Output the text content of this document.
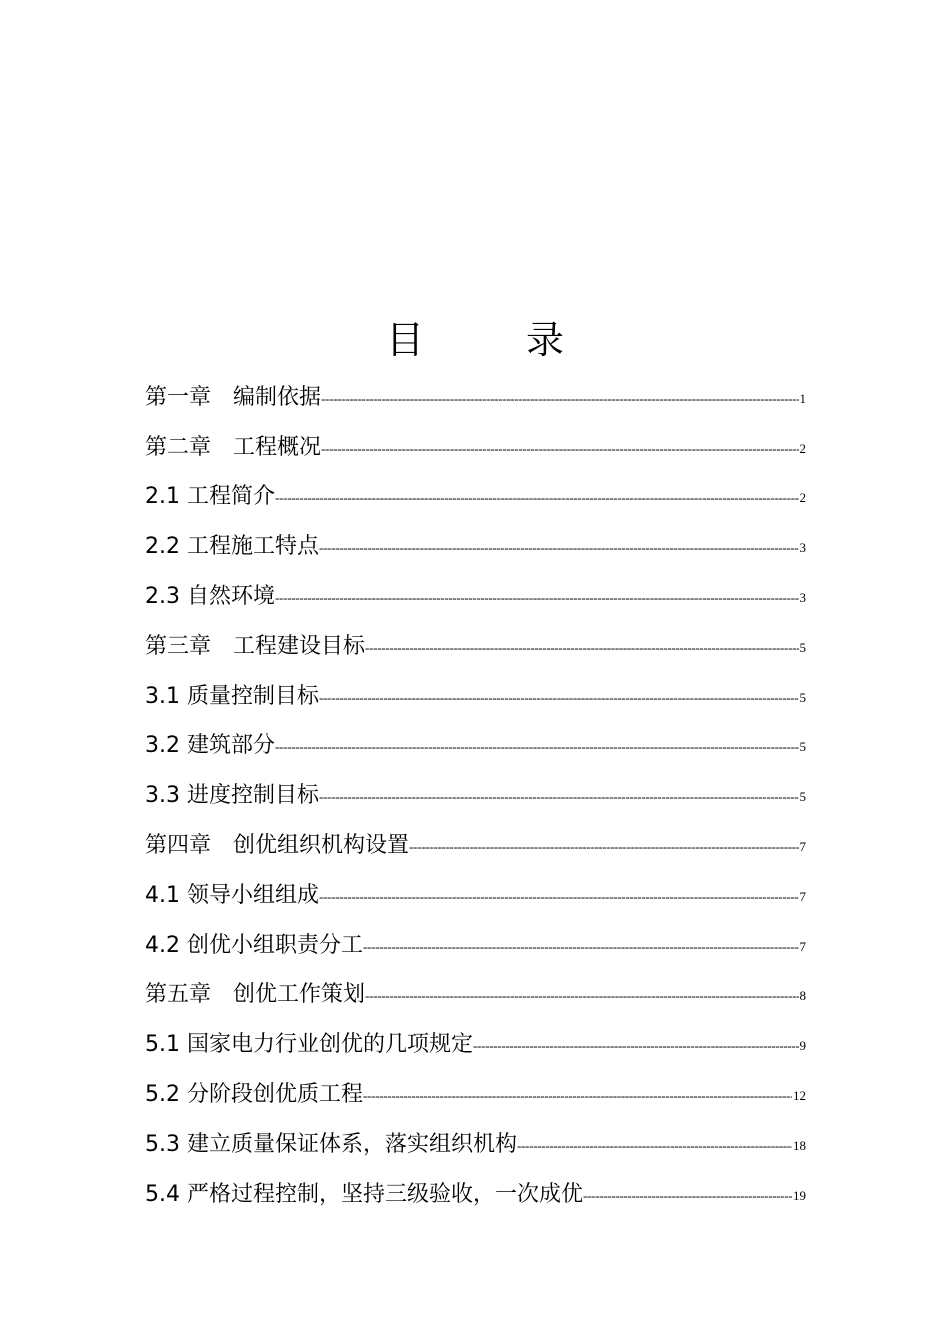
目　录
第一章　编制依据 -----	1
第二章　工程概况 -----	2
2.1 工程简介 -----	2
2.2 工程施工特点 -----	3
2.3 自然环境 -----	3
第三章　工程建设目标 -----	5
3.1 质量控制目标 -----	5
3.2 建筑部分 -----	5
3.3 进度控制目标 -----	5
第四章　创优组织机构设置 -----	7
4.1 领导小组组成 -----	7
4.2 创优小组职责分工 -----	7
第五章　创优工作策划 -----	8
5.1 国家电力行业创优的几项规定 -----	9
5.2 分阶段创优质工程 -----	12
5.3 建立质量保证体系，落实组织机构 -----	18
5.4 严格过程控制，坚持三级验收，一次成优 -----	19
